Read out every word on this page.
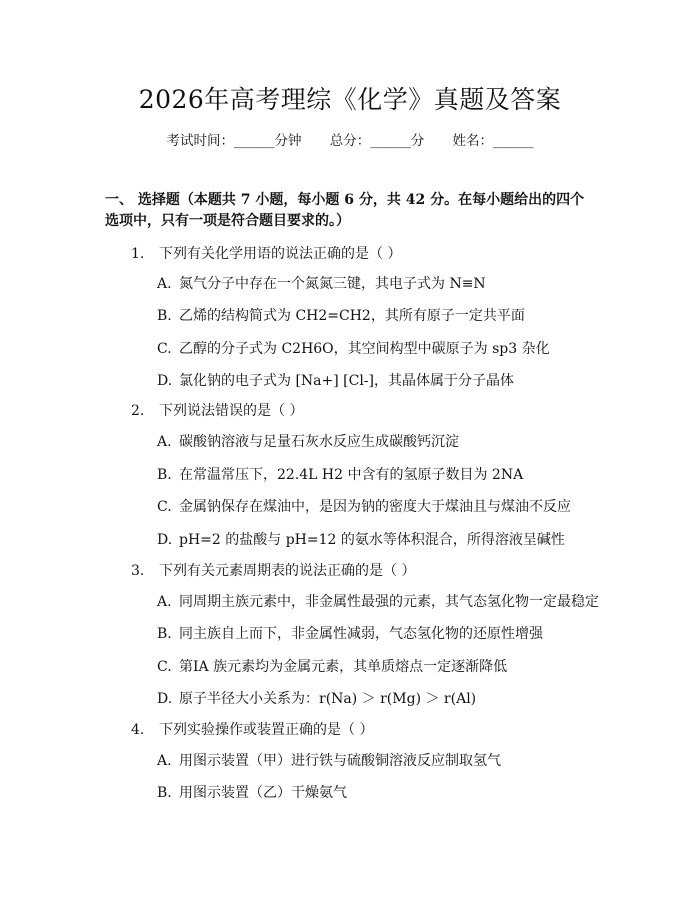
2026年高考理综《化学》真题及答案
考试时间：______分钟 总分：______分 姓名：______
一、 选择题（本题共 7 小题，每小题 6 分，共 42 分。在每小题给出的四个选项中，只有一项是符合题目要求的。）
1. 下列有关化学用语的说法正确的是（ ）
A. 氮气分子中存在一个氮氮三键，其电子式为 N≡N
B. 乙烯的结构简式为 CH2=CH2，其所有原子一定共平面
C. 乙醇的分子式为 C2H6O，其空间构型中碳原子为 sp3 杂化
D. 氯化钠的电子式为 [Na+] [Cl-]，其晶体属于分子晶体
2. 下列说法错误的是（ ）
A. 碳酸钠溶液与足量石灰水反应生成碳酸钙沉淀
B. 在常温常压下，22.4L H2 中含有的氢原子数目为 2NA
C. 金属钠保存在煤油中，是因为钠的密度大于煤油且与煤油不反应
D. pH=2 的盐酸与 pH=12 的氨水等体积混合，所得溶液呈碱性
3. 下列有关元素周期表的说法正确的是（ ）
A. 同周期主族元素中，非金属性最强的元素，其气态氢化物一定最稳定
B. 同主族自上而下，非金属性减弱，气态氢化物的还原性增强
C. 第ⅠA 族元素均为金属元素，其单质熔点一定逐渐降低
D. 原子半径大小关系为：r(Na) ＞ r(Mg) ＞ r(Al)
4. 下列实验操作或装置正确的是（ ）
A. 用图示装置（甲）进行铁与硫酸铜溶液反应制取氢气
B. 用图示装置（乙）干燥氨气
